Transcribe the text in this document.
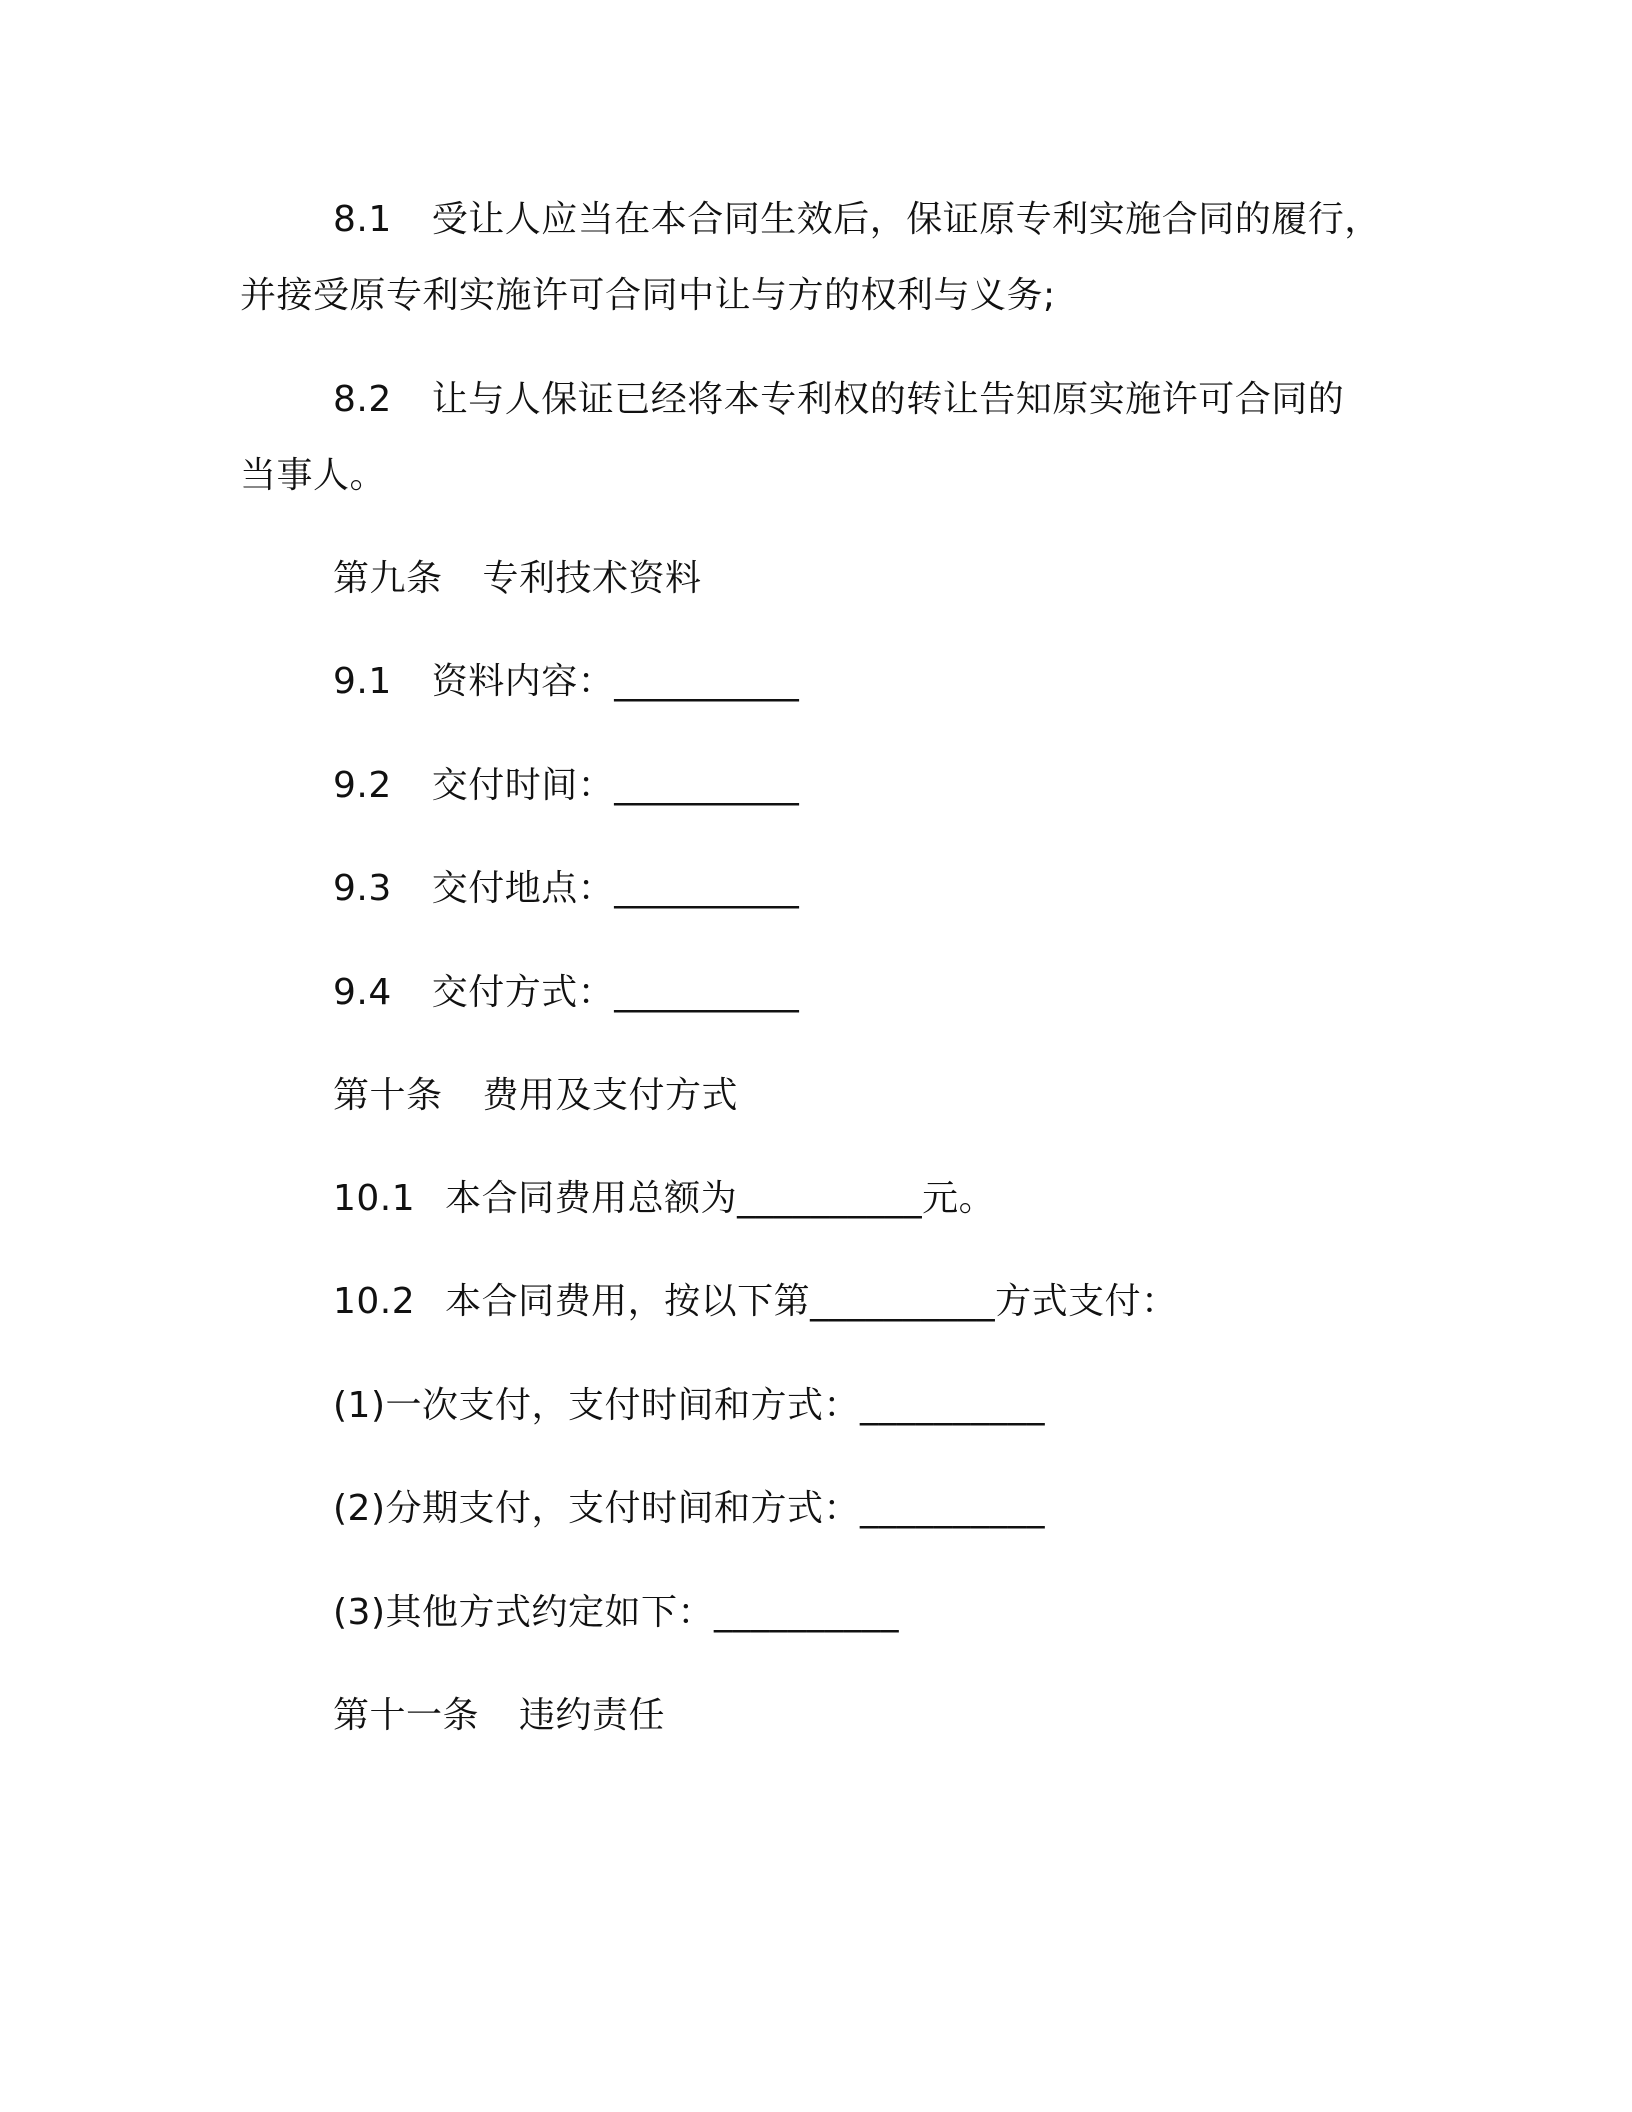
8.1 受让人应当在本合同生效后，保证原专利实施合同的履行，
并接受原专利实施许可合同中让与方的权利与义务;
8.2 让与人保证已经将本专利权的转让告知原实施许可合同的
当事人。
第九条 专利技术资料
9.1 资料内容：__________
9.2 交付时间：__________
9.3 交付地点：__________
9.4 交付方式：__________
第十条 费用及支付方式
10.1 本合同费用总额为__________元。
10.2 本合同费用，按以下第__________方式支付：
(1)一次支付，支付时间和方式：__________
(2)分期支付，支付时间和方式：__________
(3)其他方式约定如下：__________
第十一条 违约责任
